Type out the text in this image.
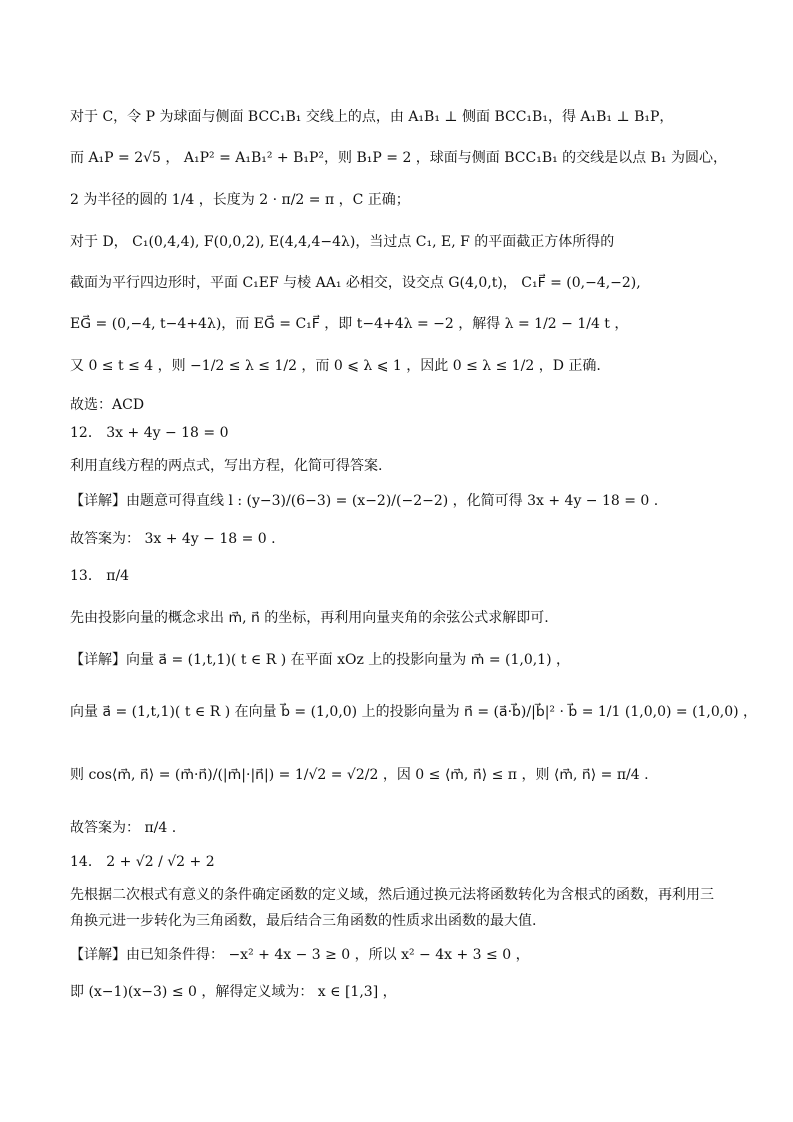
对于 C，令 P 为球面与侧面 BCC₁B₁ 交线上的点，由 A₁B₁ ⊥ 侧面 BCC₁B₁，得 A₁B₁ ⊥ B₁P，
而 A₁P = 2√5 ， A₁P² = A₁B₁² + B₁P²，则 B₁P = 2 ，球面与侧面 BCC₁B₁ 的交线是以点 B₁ 为圆心，
2 为半径的圆的 1/4 ，长度为 2 · π/2 = π ，C 正确；
对于 D， C₁(0,4,4), F(0,0,2), E(4,4,4−4λ)，当过点 C₁, E, F 的平面截正方体所得的
截面为平行四边形时，平面 C₁EF 与棱 AA₁ 必相交，设交点 G(4,0,t)， C₁F⃗ = (0,−4,−2),
EG⃗ = (0,−4, t−4+4λ)，而 EG⃗ = C₁F⃗ ，即 t−4+4λ = −2 ，解得 λ = 1/2 − 1/4 t ，
又 0 ≤ t ≤ 4 ，则 −1/2 ≤ λ ≤ 1/2 ，而 0 ⩽ λ ⩽ 1 ，因此 0 ≤ λ ≤ 1/2 ，D 正确.
故选：ACD
12． 3x + 4y − 18 = 0
利用直线方程的两点式，写出方程，化简可得答案.
【详解】由题意可得直线 l : (y−3)/(6−3) = (x−2)/(−2−2) ，化简可得 3x + 4y − 18 = 0 .
故答案为： 3x + 4y − 18 = 0 .
13． π/4
先由投影向量的概念求出 m⃗, n⃗ 的坐标，再利用向量夹角的余弦公式求解即可.
【详解】向量 a⃗ = (1,t,1)( t ∈ R ) 在平面 xOz 上的投影向量为 m⃗ = (1,0,1) ，
向量 a⃗ = (1,t,1)( t ∈ R ) 在向量 b⃗ = (1,0,0) 上的投影向量为 n⃗ = (a⃗·b⃗)/|b⃗|² · b⃗ = 1/1 (1,0,0) = (1,0,0) ，
则 cos⟨m⃗, n⃗⟩ = (m⃗·n⃗)/(|m⃗|·|n⃗|) = 1/√2 = √2/2 ，因 0 ≤ ⟨m⃗, n⃗⟩ ≤ π ，则 ⟨m⃗, n⃗⟩ = π/4 .
故答案为： π/4 .
14． 2 + √2 / √2 + 2
先根据二次根式有意义的条件确定函数的定义域，然后通过换元法将函数转化为含根式的函数，再利用三
角换元进一步转化为三角函数，最后结合三角函数的性质求出函数的最大值.
【详解】由已知条件得： −x² + 4x − 3 ≥ 0 ，所以 x² − 4x + 3 ≤ 0 ，
即 (x−1)(x−3) ≤ 0 ，解得定义域为： x ∈ [1,3] ，
